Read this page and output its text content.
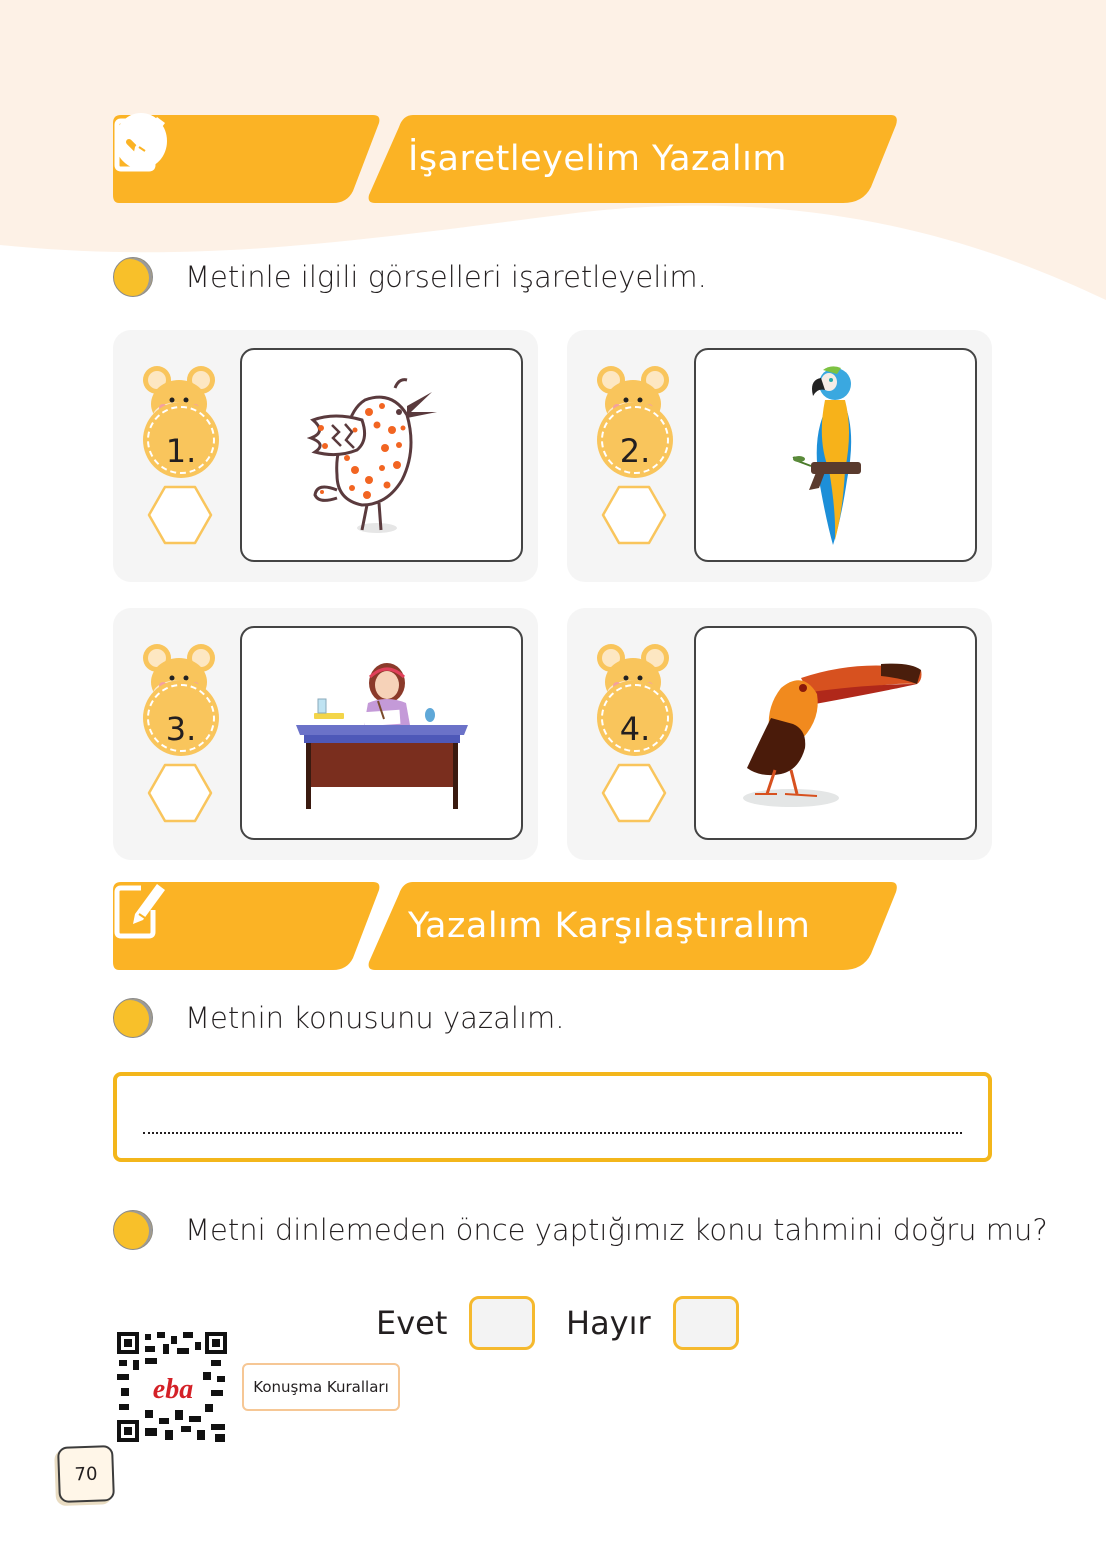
İşaretleyelim Yazalım
Metinle ilgili görselleri işaretleyelim.
1.	2.
3.	4.
Yazalım Karşılaştıralım
Metnin konusunu yazalım.
Metni dinlemeden önce yaptığımız konu tahmini doğru mu?
Evet	Hayır
eba	Konuşma Kuralları
70
